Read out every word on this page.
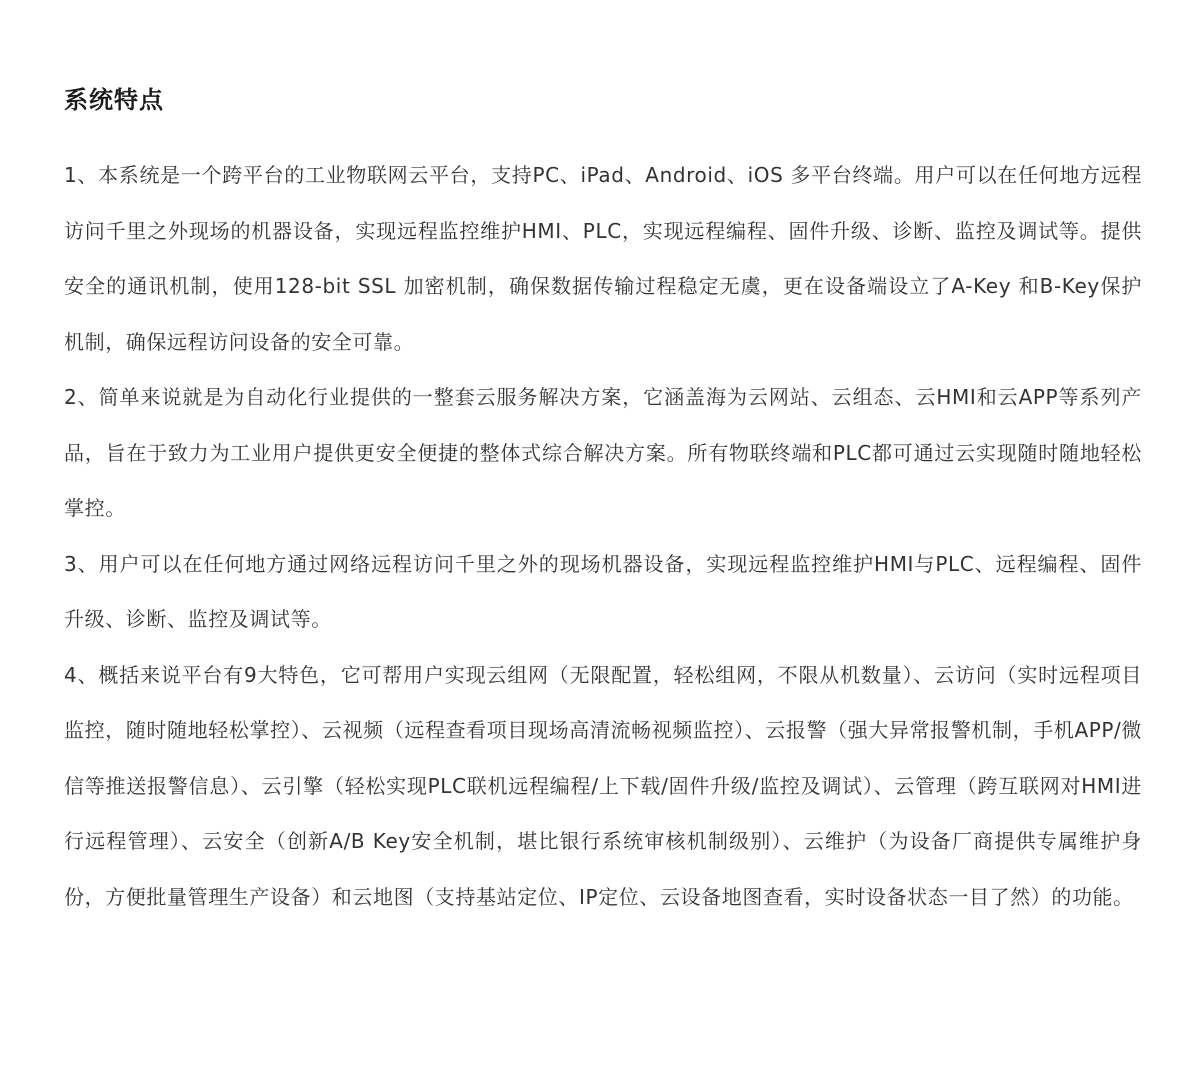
系统特点

1、本系统是一个跨平台的工业物联网云平台，支持PC、iPad、Android、iOS 多平台终端。用户可以在任何地方远程访问千里之外现场的机器设备，实现远程监控维护HMI、PLC，实现远程编程、固件升级、诊断、监控及调试等。提供安全的通讯机制，使用128-bit SSL 加密机制，确保数据传输过程稳定无虞，更在设备端设立了A-Key 和B-Key保护机制，确保远程访问设备的安全可靠。

2、简单来说就是为自动化行业提供的一整套云服务解决方案，它涵盖海为云网站、云组态、云HMI和云APP等系列产品，旨在于致力为工业用户提供更安全便捷的整体式综合解决方案。所有物联终端和PLC都可通过云实现随时随地轻松掌控。

3、用户可以在任何地方通过网络远程访问千里之外的现场机器设备，实现远程监控维护HMI与PLC、远程编程、固件升级、诊断、监控及调试等。

4、概括来说平台有9大特色，它可帮用户实现云组网（无限配置，轻松组网，不限从机数量）、云访问（实时远程项目监控，随时随地轻松掌控）、云视频（远程查看项目现场高清流畅视频监控）、云报警（强大异常报警机制，手机APP/微信等推送报警信息）、云引擎（轻松实现PLC联机远程编程/上下载/固件升级/监控及调试）、云管理（跨互联网对HMI进行远程管理）、云安全（创新A/B Key安全机制，堪比银行系统审核机制级别）、云维护（为设备厂商提供专属维护身份，方便批量管理生产设备）和云地图（支持基站定位、IP定位、云设备地图查看，实时设备状态一目了然）的功能。
